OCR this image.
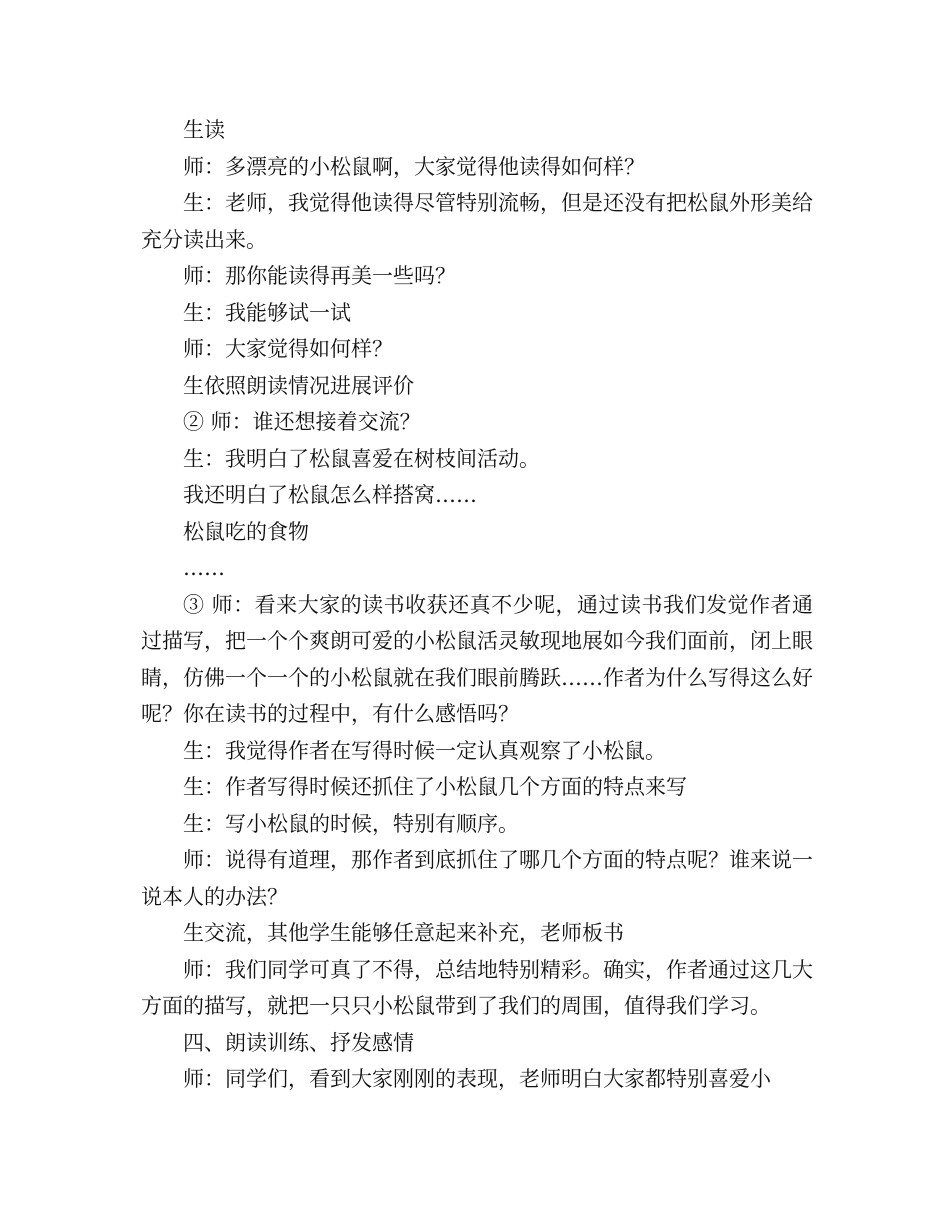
生读

师：多漂亮的小松鼠啊，大家觉得他读得如何样？

生：老师，我觉得他读得尽管特别流畅，但是还没有把松鼠外形美给充分读出来。

师：那你能读得再美一些吗？

生：我能够试一试

师：大家觉得如何样？

生依照朗读情况进展评价

② 师：谁还想接着交流？

生：我明白了松鼠喜爱在树枝间活动。

我还明白了松鼠怎么样搭窝……

松鼠吃的食物

……

③ 师：看来大家的读书收获还真不少呢，通过读书我们发觉作者通过描写，把一个个爽朗可爱的小松鼠活灵敏现地展如今我们面前，闭上眼睛，仿佛一个一个的小松鼠就在我们眼前腾跃……作者为什么写得这么好呢？你在读书的过程中，有什么感悟吗？

生：我觉得作者在写得时候一定认真观察了小松鼠。

生：作者写得时候还抓住了小松鼠几个方面的特点来写

生：写小松鼠的时候，特别有顺序。

师：说得有道理，那作者到底抓住了哪几个方面的特点呢？谁来说一说本人的办法？

生交流，其他学生能够任意起来补充，老师板书

师：我们同学可真了不得，总结地特别精彩。确实，作者通过这几大方面的描写，就把一只只小松鼠带到了我们的周围，值得我们学习。

四、朗读训练、抒发感情

师：同学们，看到大家刚刚的表现，老师明白大家都特别喜爱小
